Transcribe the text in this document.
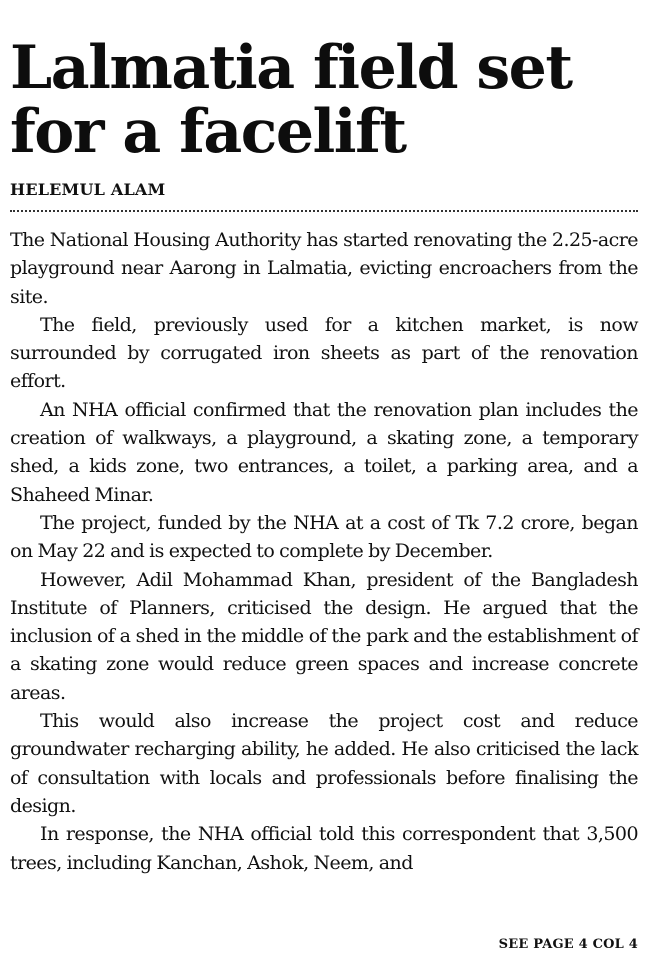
Lalmatia field set for a facelift
HELEMUL ALAM

The National Housing Authority has started renovating the 2.25-acre playground near Aarong in Lalmatia, evicting encroachers from the site.

The field, previously used for a kitchen market, is now surrounded by corrugated iron sheets as part of the renovation effort.

An NHA official confirmed that the renovation plan includes the creation of walkways, a playground, a skating zone, a temporary shed, a kids zone, two entrances, a toilet, a parking area, and a Shaheed Minar.

The project, funded by the NHA at a cost of Tk 7.2 crore, began on May 22 and is expected to complete by December.

However, Adil Mohammad Khan, president of the Bangladesh Institute of Planners, criticised the design. He argued that the inclusion of a shed in the middle of the park and the establishment of a skating zone would reduce green spaces and increase concrete areas.

This would also increase the project cost and reduce groundwater recharging ability, he added. He also criticised the lack of consultation with locals and professionals before finalising the design.

In response, the NHA official told this correspondent that 3,500 trees, including Kanchan, Ashok, Neem, and

SEE PAGE 4 COL 4
